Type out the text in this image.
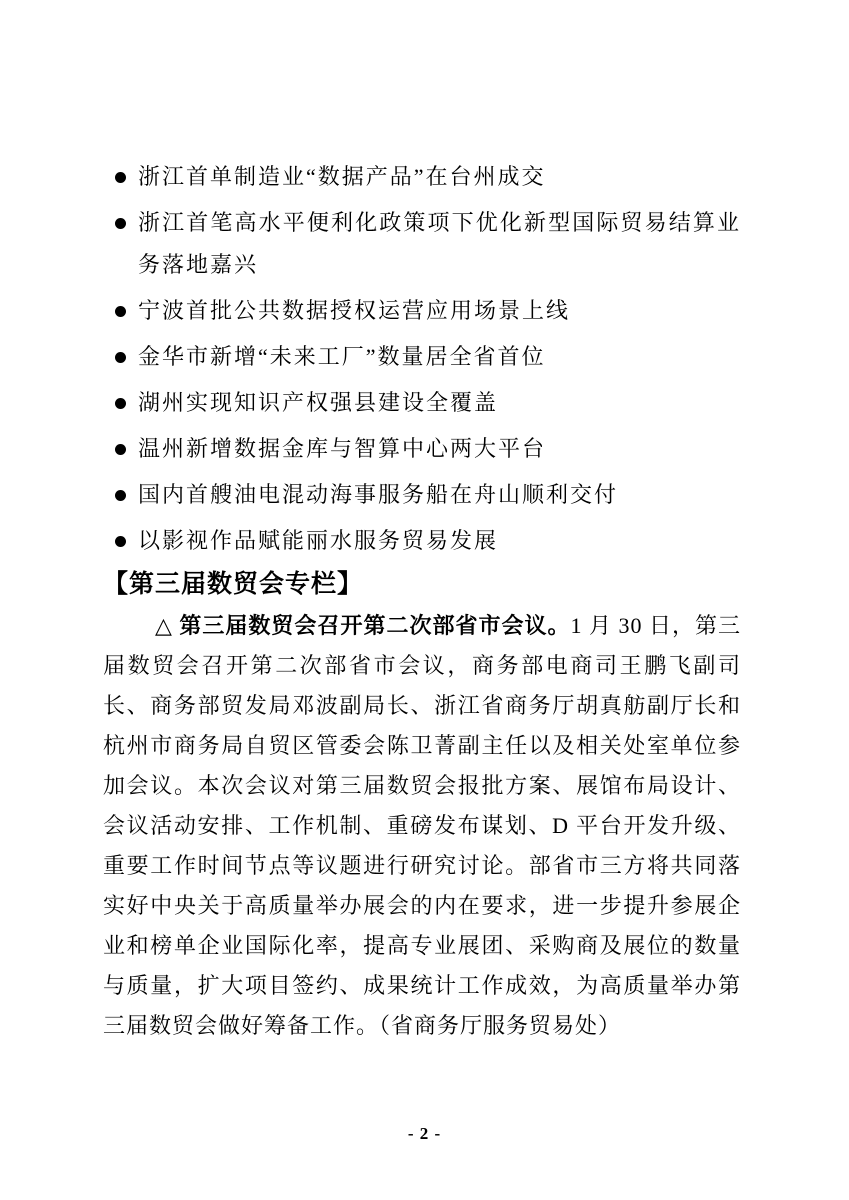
浙江首单制造业“数据产品”在台州成交
浙江首笔高水平便利化政策项下优化新型国际贸易结算业务落地嘉兴
宁波首批公共数据授权运营应用场景上线
金华市新增“未来工厂”数量居全省首位
湖州实现知识产权强县建设全覆盖
温州新增数据金库与智算中心两大平台
国内首艘油电混动海事服务船在舟山顺利交付
以影视作品赋能丽水服务贸易发展
【第三届数贸会专栏】

△ 第三届数贸会召开第二次部省市会议。1 月 30 日，第三届数贸会召开第二次部省市会议，商务部电商司王鹏飞副司长、商务部贸发局邓波副局长、浙江省商务厅胡真舫副厅长和杭州市商务局自贸区管委会陈卫菁副主任以及相关处室单位参加会议。本次会议对第三届数贸会报批方案、展馆布局设计、会议活动安排、工作机制、重磅发布谋划、D 平台开发升级、重要工作时间节点等议题进行研究讨论。部省市三方将共同落实好中央关于高质量举办展会的内在要求，进一步提升参展企业和榜单企业国际化率，提高专业展团、采购商及展位的数量与质量，扩大项目签约、成果统计工作成效，为高质量举办第三届数贸会做好筹备工作。（省商务厅服务贸易处）

- 2 -
